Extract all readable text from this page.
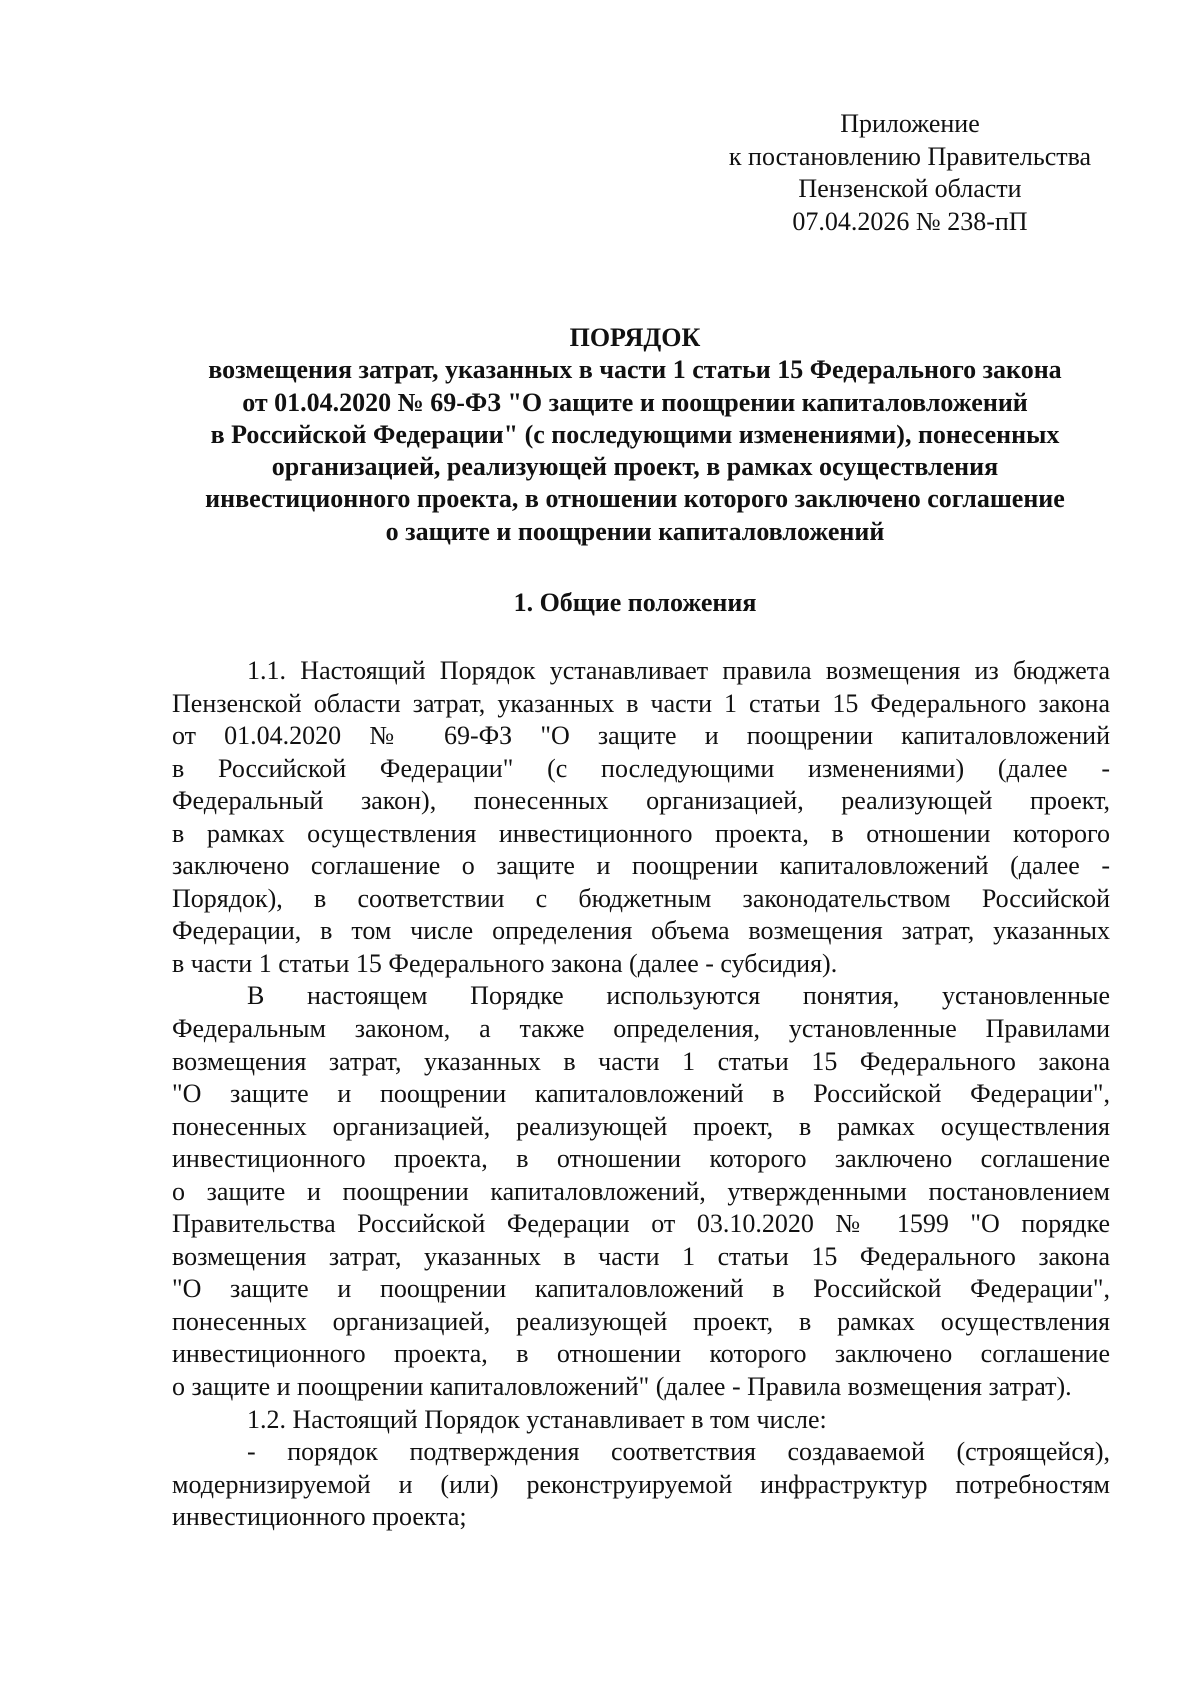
Приложение
к постановлению Правительства
Пензенской области
07.04.2026 № 238-пП
ПОРЯДОК
возмещения затрат, указанных в части 1 статьи 15 Федерального закона
от 01.04.2020 № 69-ФЗ "О защите и поощрении капиталовложений
в Российской Федерации" (с последующими изменениями), понесенных
организацией, реализующей проект, в рамках осуществления
инвестиционного проекта, в отношении которого заключено соглашение
о защите и поощрении капиталовложений
1. Общие положения
1.1. Настоящий Порядок устанавливает правила возмещения из бюджета
Пензенской области затрат, указанных в части 1 статьи 15 Федерального закона
от 01.04.2020 № 69-ФЗ "О защите и поощрении капиталовложений
в Российской Федерации" (с последующими изменениями) (далее -
Федеральный закон), понесенных организацией, реализующей проект,
в рамках осуществления инвестиционного проекта, в отношении которого
заключено соглашение о защите и поощрении капиталовложений (далее -
Порядок), в соответствии с бюджетным законодательством Российской
Федерации, в том числе определения объема возмещения затрат, указанных
в части 1 статьи 15 Федерального закона (далее - субсидия).
В настоящем Порядке используются понятия, установленные
Федеральным законом, а также определения, установленные Правилами
возмещения затрат, указанных в части 1 статьи 15 Федерального закона
"О защите и поощрении капиталовложений в Российской Федерации",
понесенных организацией, реализующей проект, в рамках осуществления
инвестиционного проекта, в отношении которого заключено соглашение
о защите и поощрении капиталовложений, утвержденными постановлением
Правительства Российской Федерации от 03.10.2020 № 1599 "О порядке
возмещения затрат, указанных в части 1 статьи 15 Федерального закона
"О защите и поощрении капиталовложений в Российской Федерации",
понесенных организацией, реализующей проект, в рамках осуществления
инвестиционного проекта, в отношении которого заключено соглашение
о защите и поощрении капиталовложений" (далее - Правила возмещения затрат).
1.2. Настоящий Порядок устанавливает в том числе:
- порядок подтверждения соответствия создаваемой (строящейся),
модернизируемой и (или) реконструируемой инфраструктур потребностям
инвестиционного проекта;
